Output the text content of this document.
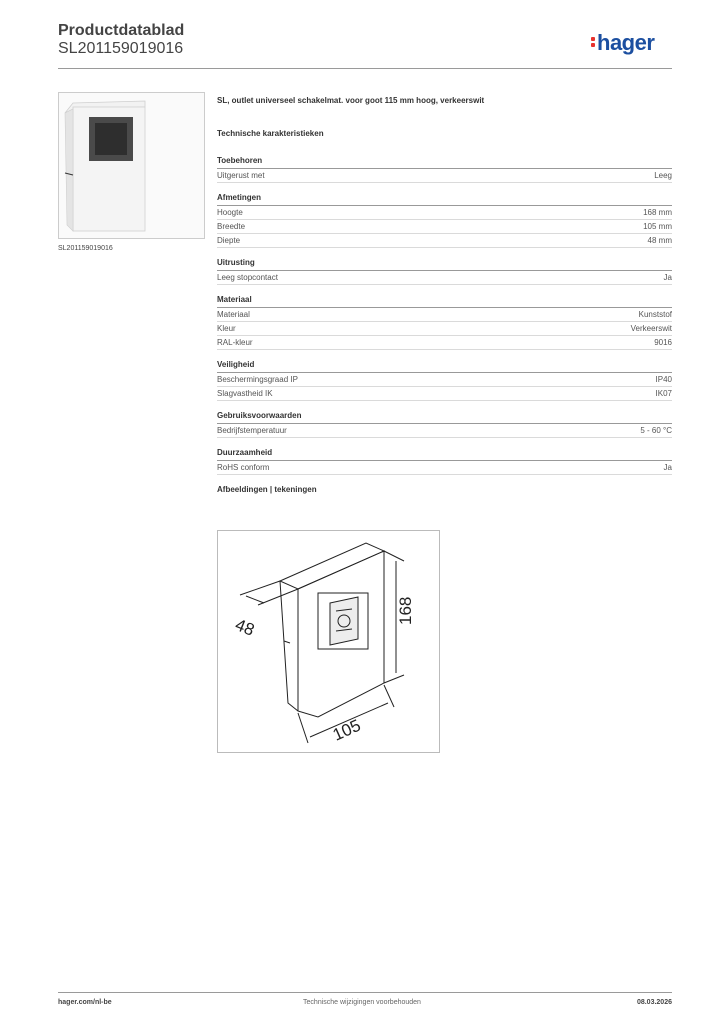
Productdatablad
SL201159019016	hager
SL201159019016
SL, outlet universeel schakelmat. voor goot 115 mm hoog, verkeerswit
Technische karakteristieken
Toebehoren
Uitgerust met	Leeg
Afmetingen
Hoogte	168 mm
Breedte	105 mm
Diepte	48 mm
Uitrusting
Leeg stopcontact	Ja
Materiaal
Materiaal	Kunststof
Kleur	Verkeerswit
RAL-kleur	9016
Veiligheid
Beschermingsgraad IP	IP40
Slagvastheid IK	IK07
Gebruiksvoorwaarden
Bedrijfstemperatuur	5 - 60 °C
Duurzaamheid
RoHS conform	Ja
Afbeeldingen | tekeningen
48
168
105
hager.com/nl-be	Technische wijzigingen voorbehouden	08.03.2026
